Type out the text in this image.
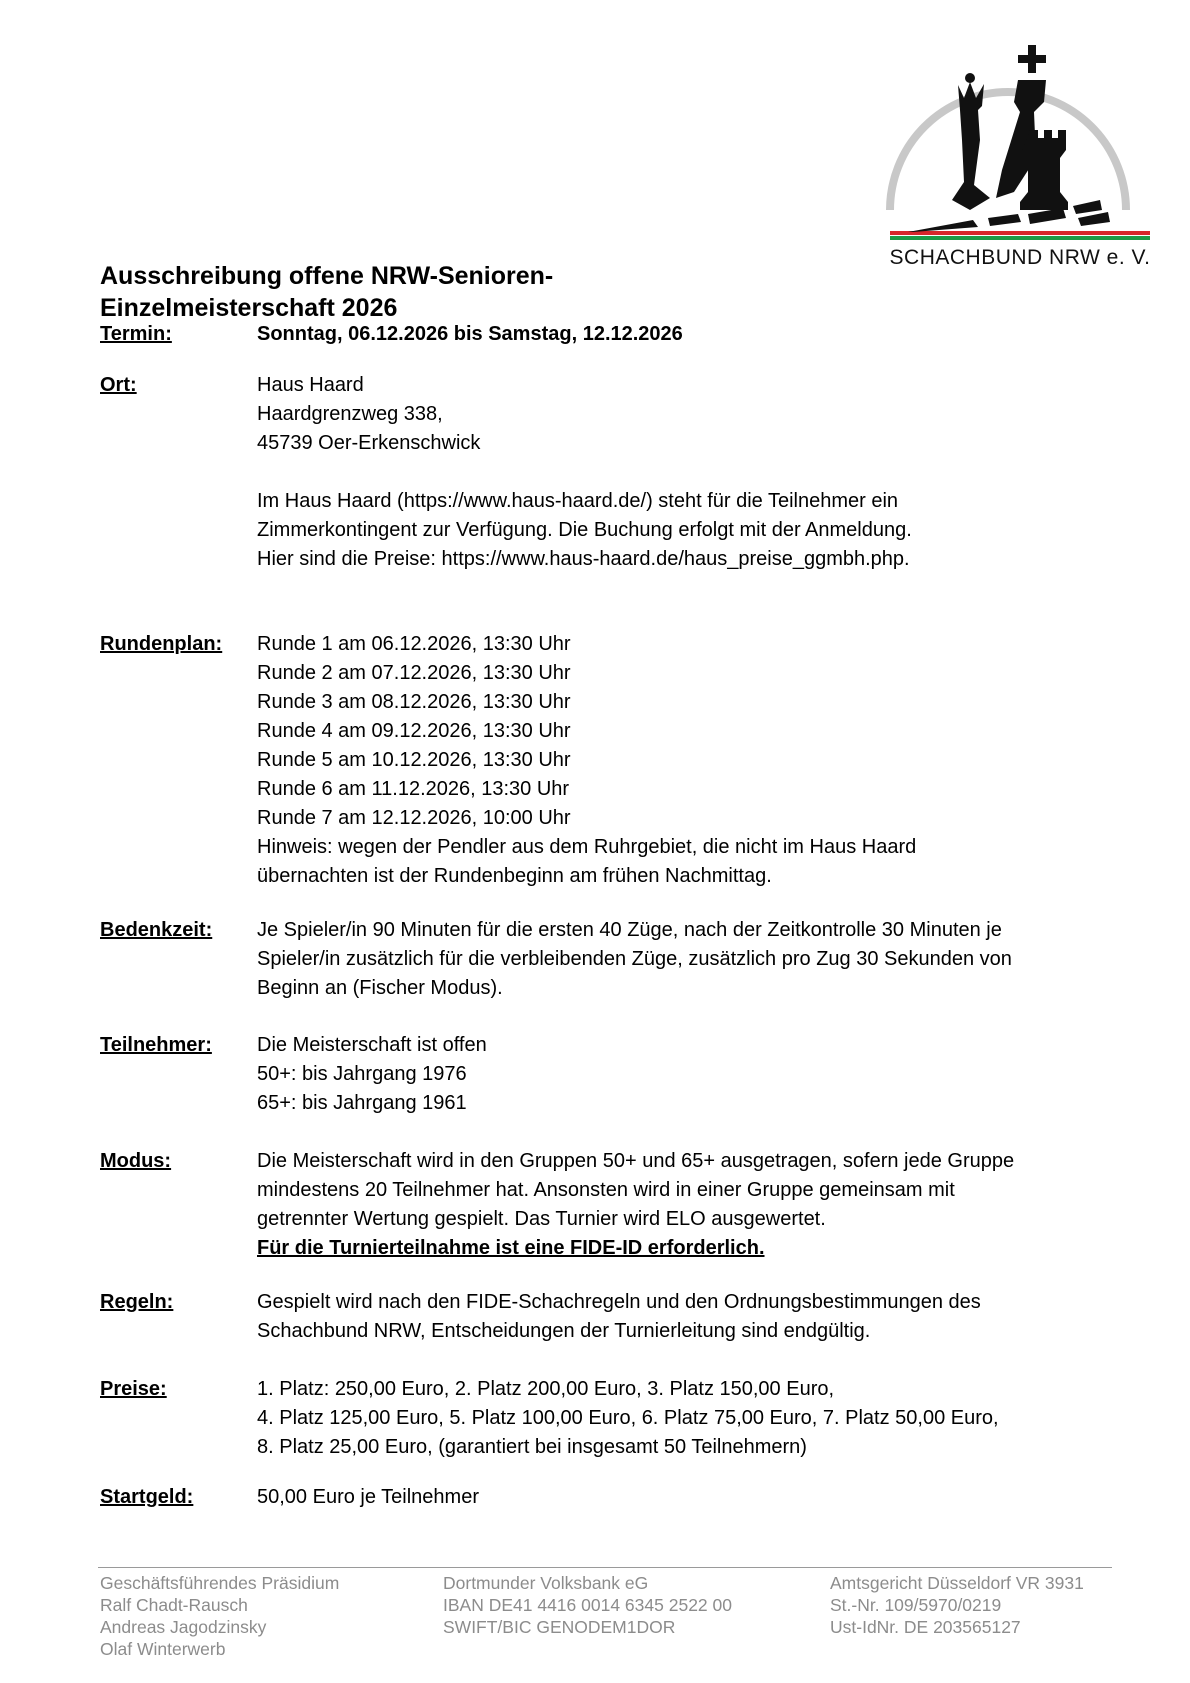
SCHACHBUND NRW e. V.
Ausschreibung offene NRW-Senioren-
Einzelmeisterschaft 2026
Termin:	Sonntag, 06.12.2026 bis Samstag, 12.12.2026
Ort:	Haus Haard
Haardgrenzweg 338,
45739 Oer-Erkenschwick
Im Haus Haard (https://www.haus-haard.de/) steht für die Teilnehmer ein
Zimmerkontingent zur Verfügung. Die Buchung erfolgt mit der Anmeldung.
Hier sind die Preise: https://www.haus-haard.de/haus_preise_ggmbh.php.
Rundenplan: Runde 1 am 06.12.2026, 13:30 Uhr
Runde 2 am 07.12.2026, 13:30 Uhr
Runde 3 am 08.12.2026, 13:30 Uhr
Runde 4 am 09.12.2026, 13:30 Uhr
Runde 5 am 10.12.2026, 13:30 Uhr
Runde 6 am 11.12.2026, 13:30 Uhr
Runde 7 am 12.12.2026, 10:00 Uhr
Hinweis: wegen der Pendler aus dem Ruhrgebiet, die nicht im Haus Haard
übernachten ist der Rundenbeginn am frühen Nachmittag.
Bedenkzeit: Je Spieler/in 90 Minuten für die ersten 40 Züge, nach der Zeitkontrolle 30 Minuten je
Spieler/in zusätzlich für die verbleibenden Züge, zusätzlich pro Zug 30 Sekunden von
Beginn an (Fischer Modus).
Teilnehmer: Die Meisterschaft ist offen
50+: bis Jahrgang 1976
65+: bis Jahrgang 1961
Modus:	Die Meisterschaft wird in den Gruppen 50+ und 65+ ausgetragen, sofern jede Gruppe
mindestens 20 Teilnehmer hat. Ansonsten wird in einer Gruppe gemeinsam mit
getrennter Wertung gespielt. Das Turnier wird ELO ausgewertet.
Für die Turnierteilnahme ist eine FIDE-ID erforderlich.
Regeln:	Gespielt wird nach den FIDE-Schachregeln und den Ordnungsbestimmungen des
Schachbund NRW, Entscheidungen der Turnierleitung sind endgültig.
Preise:	1. Platz: 250,00 Euro, 2. Platz 200,00 Euro, 3. Platz 150,00 Euro,
4. Platz 125,00 Euro, 5. Platz 100,00 Euro, 6. Platz 75,00 Euro, 7. Platz 50,00 Euro,
8. Platz 25,00 Euro, (garantiert bei insgesamt 50 Teilnehmern)
Startgeld:	50,00 Euro je Teilnehmer
Geschäftsführendes Präsidium
Ralf Chadt-Rausch
Andreas Jagodzinsky
Olaf Winterwerb
Dortmunder Volksbank eG
IBAN DE41 4416 0014 6345 2522 00
SWIFT/BIC GENODEM1DOR
Amtsgericht Düsseldorf VR 3931
St.-Nr. 109/5970/0219
Ust-IdNr. DE 203565127
